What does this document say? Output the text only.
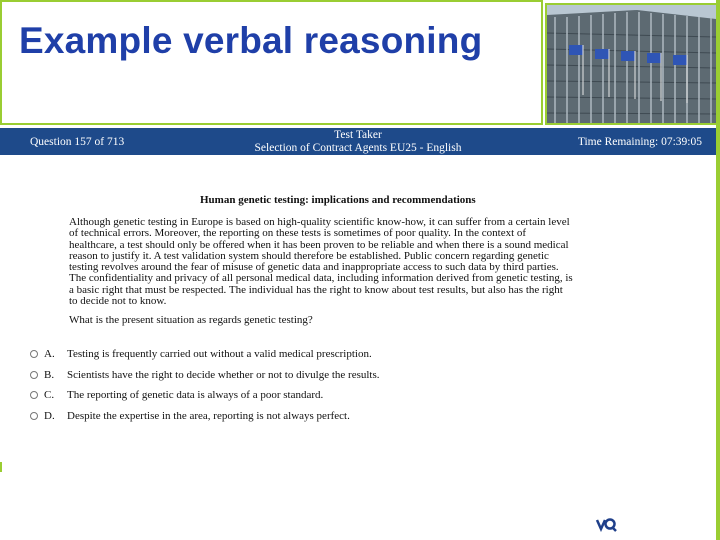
Example verbal reasoning
Question 157 of 713
Test Taker
Selection of Contract Agents EU25 - English	Time Remaining: 07:39:05

Human genetic testing: implications and recommendations

Although genetic testing in Europe is based on high-quality scientific know-how, it can suffer from a certain level
of technical errors. Moreover, the reporting on these tests is sometimes of poor quality. In the context of
healthcare, a test should only be offered when it has been proven to be reliable and when there is a sound medical
reason to justify it. A test validation system should therefore be established. Public concern regarding genetic
testing revolves around the fear of misuse of genetic data and inappropriate access to such data by third parties.
The confidentiality and privacy of all personal medical data, including information derived from genetic testing, is
a basic right that must be respected. The individual has the right to know about test results, but also has the right
to decide not to know.

What is the present situation as regards genetic testing?

A. Testing is frequently carried out without a valid medical prescription.
B. Scientists have the right to decide whether or not to divulge the results.
C. The reporting of genetic data is always of a poor standard.
D. Despite the expertise in the area, reporting is not always perfect.
